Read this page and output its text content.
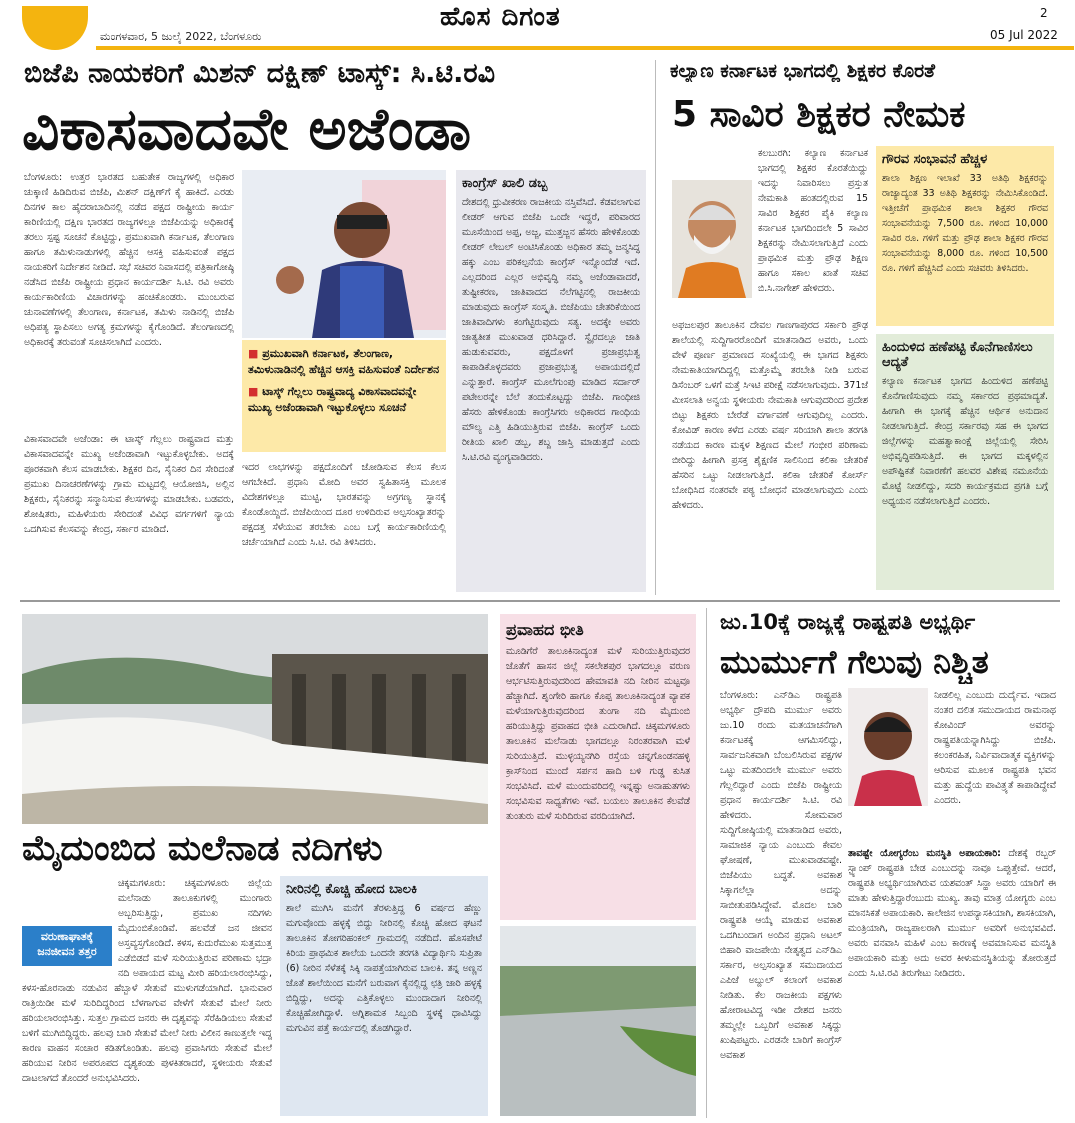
ಮಂಗಳವಾರ, 5 ಜುಲೈ 2022, ಬೆಂಗಳೂರು
ಹೊಸ ದಿಗಂತ	2
05 Jul 2022
ಬಿಜೆಪಿ ನಾಯಕರಿಗೆ ಮಿಶನ್ ದಕ್ಷಿಣ್ ಟಾಸ್ಕ್: ಸಿ.ಟಿ.ರವಿ
ವಿಕಾಸವಾದವೇ ಅಜೆಂಡಾ
ಬೆಂಗಳೂರು: ಉತ್ತರ ಭಾರತದ ಬಹುತೇಕ ರಾಜ್ಯಗಳಲ್ಲಿ ಅಧಿಕಾರ ಚುಕ್ಕಾಣಿ ಹಿಡಿದಿರುವ ಬಿಜೆಪಿ, ಮಿಶನ್ ದಕ್ಷಿಣ್‌ಗೆ ಕೈ ಹಾಕಿದೆ. ಎರಡು ದಿನಗಳ ಕಾಲ ಹೈದರಾಬಾದಿನಲ್ಲಿ ನಡೆದ ಪಕ್ಷದ ರಾಷ್ಟ್ರೀಯ ಕಾರ್ಯ ಕಾರಿಣಿಯಲ್ಲಿ ದಕ್ಷಿಣ ಭಾರತದ ರಾಜ್ಯಗಳಲ್ಲೂ ಬಿಜೆಪಿಯನ್ನು ಅಧಿಕಾರಕ್ಕೆ ತರಲು ಸ್ಪಷ್ಟ ಸೂಚನೆ ಕೊಟ್ಟಿದ್ದು, ಪ್ರಮುಖವಾಗಿ ಕರ್ನಾಟಕ, ತೆಲಂಗಾಣ ಹಾಗೂ ತಮಿಳುನಾಡುಗಳಲ್ಲಿ ಹೆಚ್ಚಿನ ಆಸಕ್ತಿ ವಹಿಸುವಂತೆ ಪಕ್ಷದ ನಾಯಕರಿಗೆ ನಿರ್ದೇಶನ ನೀಡಿದೆ. ಸಭೆ ಸಚಿವರ ನಿವಾಸದಲ್ಲಿ ಪತ್ರಿಕಾಗೋಷ್ಠಿ ನಡೆಸಿದ ಬಿಜೆಪಿ ರಾಷ್ಟ್ರೀಯ ಪ್ರಧಾನ ಕಾರ್ಯದರ್ಶಿ ಸಿ.ಟಿ. ರವಿ ಅವರು ಕಾರ್ಯಕಾರಿಣಿಯ ವಿಚಾರಗಳನ್ನು ಹಂಚಿಕೊಂಡರು. ಮುಂಬರುವ ಚುನಾವಣೆಗಳಲ್ಲಿ ತೆಲಂಗಾಣ, ಕರ್ನಾಟಕ, ತಮಿಳು ನಾಡಿನಲ್ಲಿ ಬಿಜೆಪಿ ಅಧಿಪತ್ಯ ಸ್ಥಾಪಿಸಲು ಅಗತ್ಯ ಕ್ರಮಗಳನ್ನು ಕೈಗೊಂಡಿದೆ. ತೆಲಂಗಾಣದಲ್ಲಿ ಅಧಿಕಾರಕ್ಕೆ ತರುವಂತೆ ಸೂಚಿಸಲಾಗಿದೆ ಎಂದರು.
ವಿಕಾಸವಾದವೇ ಅಜೆಂಡಾ: ಈ ಟಾಸ್ಕ್ ಗೆಲ್ಲಲು ರಾಷ್ಟ್ರವಾದ ಮತ್ತು ವಿಕಾಸವಾದವನ್ನೇ ಮುಖ್ಯ ಅಜೆಂಡಾವಾಗಿ ಇಟ್ಟುಕೊಳ್ಳಬೇಕು. ಅದಕ್ಕೆ ಪೂರಕವಾಗಿ ಕೆಲಸ ಮಾಡಬೇಕು. ಶಿಕ್ಷಕರ ದಿನ, ಸೈನಿಕರ ದಿನ ಸೇರಿದಂತೆ ಪ್ರಮುಖ ದಿನಾಚರಣೆಗಳನ್ನು ಗ್ರಾಮ ಮಟ್ಟದಲ್ಲಿ ಆಯೋಜಿಸಿ, ಅಲ್ಲಿನ ಶಿಕ್ಷಕರು, ಸೈನಿಕರನ್ನು ಸನ್ಮಾನಿಸುವ ಕೆಲಸಗಳನ್ನು ಮಾಡಬೇಕು. ಬಡವರು, ಶೋಷಿತರು, ಮಹಿಳೆಯರು ಸೇರಿದಂತೆ ವಿವಿಧ ವರ್ಗಗಳಿಗೆ ನ್ಯಾಯ ಒದಗಿಸುವ ಕೆಲಸವನ್ನು ಕೇಂದ್ರ, ಸರ್ಕಾರ ಮಾಡಿದೆ.
■ ಪ್ರಮುಖವಾಗಿ ಕರ್ನಾಟಕ, ತೆಲಂಗಾಣ, ತಮಿಳುನಾಡಿನಲ್ಲಿ ಹೆಚ್ಚಿನ ಆಸಕ್ತಿ ವಹಿಸುವಂತೆ ನಿರ್ದೇಶನ
■ ಟಾಸ್ಕ್ ಗೆಲ್ಲಲು ರಾಷ್ಟ್ರವಾದ್ಯ ವಿಕಾಸವಾದವನ್ನೇ ಮುಖ್ಯ ಅಜೆಂಡಾವಾಗಿ ಇಟ್ಟುಕೊಳ್ಳಲು ಸೂಚನೆ
ಇದರ ಲಾಭಗಳನ್ನು ಪಕ್ಷದೊಂದಿಗೆ ಜೋಡಿಸುವ ಕೆಲಸ ಕೆಲಸ ಆಗಬೇಕಿದೆ. ಪ್ರಧಾನಿ ಮೋದಿ ಅವರ ಸ್ವಹಿತಾಸಕ್ತಿ ಮೂಲಕ ವಿದೇಶಗಳಲ್ಲೂ ಮುಟ್ಟಿ, ಭಾರತವನ್ನು ಅಗ್ರಗಣ್ಯ ಸ್ಥಾನಕ್ಕೆ ಕೊಂಡೊಯ್ದಿದೆ. ಬಿಜೆಪಿಯಿಂದ ದೂರ ಉಳಿದಿರುವ ಅಲ್ಪಸಂಖ್ಯಾತರನ್ನು ಪಕ್ಷದತ್ತ ಸೆಳೆಯುವ ತರಬೇಕು ಎಂಬ ಬಗ್ಗೆ ಕಾರ್ಯಕಾರಿಣಿಯಲ್ಲಿ ಚರ್ಚೆಯಾಗಿದೆ ಎಂದು ಸಿ.ಟಿ. ರವಿ ತಿಳಿಸಿದರು.
ಕಾಂಗ್ರೆಸ್ ಖಾಲಿ ಡಬ್ಬ
ದೇಶದಲ್ಲಿ ಧ್ರುವೀಕರಣ ರಾಜಕೀಯ ನಸ್ತಿವೆಸಿದೆ. ಕೆಡವಲಾಗುವ ಲೀಡರ್ ಆಗುವ ಬಿಜೆಪಿ ಒಂದೇ ಇದ್ದರೆ, ಪರಿವಾರದ ಮೂಸೆಯಿಂದ ಅಪ್ಪ, ಅಜ್ಜ, ಮುತ್ತಜ್ಜನ ಹೆಸರು ಹೇಳಿಕೊಂಡು ಲೀಡರ್ ಲೇಬಲ್ ಅಂಟಿಸಿಕೊಂಡು ಅಧಿಕಾರ ತಮ್ಮ ಜನ್ಮಸಿದ್ಧ ಹಕ್ಕು ಎಂಬ ಪರಿಕಲ್ಪನೆಯ ಕಾಂಗ್ರೆಸ್ ಇನ್ನೊಂದೆಡೆ ಇದೆ. ಎಲ್ಲದರಿಂದ ಎಲ್ಲರ ಅಭಿವೃದ್ಧಿ ನಮ್ಮ ಅಜೆಂಡಾವಾದರೆ, ತುಷ್ಟೀಕರಣ, ಜಾತಿವಾದದ ನೆಲೆಗಟ್ಟಿನಲ್ಲಿ ರಾಜಕೀಯ ಮಾಡುವುದು ಕಾಂಗ್ರೆಸ್ ಸಂಸ್ಕೃತಿ. ಬಿಜೆಪಿಯು ಚೇತರಿಕೆಯಿಂದ ಜಾತಿವಾದಿಗಳು ಕಂಗೆಟ್ಟಿರುವುದು ಸತ್ಯ. ಅದಕ್ಕೇ ಅವರು ಜಾತ್ಯತೀತ ಮುಖವಾಡ ಧರಿಸಿದ್ದಾರೆ. ಸ್ವೈರದಲ್ಲೂ ಜಾತಿ ಹುಡುಕುವವರು, ಪಕ್ಷದೊಳಗೆ ಪ್ರಜಾಪ್ರಭುತ್ವ ಕಾಪಾಡಿಕೊಳ್ಳದವರು ಪ್ರಜಾಪ್ರಭುತ್ವ ಅಪಾಯದಲ್ಲಿದೆ ಎನ್ನುತ್ತಾರೆ. ಕಾಂಗ್ರೆಸ್ ಮೂಲೆಗುಂಪು ಮಾಡಿದ ಸರ್ದಾರ್ ಪಟೇಲರನ್ನೇ ಬೆಲೆ ತಂದುಕೊಟ್ಟದ್ದು ಬಿಜೆಪಿ. ಗಾಂಧೀಜಿ ಹೆಸರು ಹೇಳಿಕೊಂಡು ಕಾಂಗ್ರೆಸಿಗರು ಅಧಿಕಾರದ ಗಾಂಧಿಯ ಮೌಲ್ಯ ಎತ್ತಿ ಹಿಡಿಯುತ್ತಿರುವ ಬಿಜೆಪಿ. ಕಾಂಗ್ರೆಸ್ ಒಂದು ರೀತಿಯ ಖಾಲಿ ಡಬ್ಬ, ಶಬ್ದ ಜಾಸ್ತಿ ಮಾಡುತ್ತದೆ ಎಂದು ಸಿ.ಟಿ.ರವಿ ವ್ಯಂಗ್ಯವಾಡಿದರು.
ಕಲ್ಯಾಣ ಕರ್ನಾಟಕ ಭಾಗದಲ್ಲಿ ಶಿಕ್ಷಕರ ಕೊರತೆ
5 ಸಾವಿರ ಶಿಕ್ಷಕರ ನೇಮಕ
ಕಲಬುರಗಿ: ಕಲ್ಯಾಣ ಕರ್ನಾಟಕ ಭಾಗದಲ್ಲಿ ಶಿಕ್ಷಕರ ಕೊರತೆಯಿದ್ದು ಇದನ್ನು ನಿವಾರಿಸಲು ಪ್ರಸ್ತುತ ನೇಮಕಾತಿ ಹಂತದಲ್ಲಿರುವ 15 ಸಾವಿರ ಶಿಕ್ಷಕರ ಪೈಕಿ ಕಲ್ಯಾಣ ಕರ್ನಾಟಕ ಭಾಗದಿಂದಲೇ 5 ಸಾವಿರ ಶಿಕ್ಷಕರನ್ನು ನೇಮಿಸಲಾಗುತ್ತಿದೆ ಎಂದು ಪ್ರಾಥಮಿಕ ಮತ್ತು ಪ್ರೌಢ ಶಿಕ್ಷಣ ಹಾಗೂ ಸಕಾಲ ಖಾತೆ ಸಚಿವ ಬಿ.ಸಿ.ನಾಗೇಶ್ ಹೇಳಿದರು.
ಅಫಜಲಪುರ ತಾಲೂಕಿನ ದೇವಲ ಗಾಣಗಾಪುರದ ಸರ್ಕಾರಿ ಪ್ರೌಢ ಶಾಲೆಯಲ್ಲಿ ಸುದ್ದಿಗಾರರೊಂದಿಗೆ ಮಾತನಾಡಿದ ಅವರು, ಒಂದು ವೇಳೆ ಪೂರ್ಣ ಪ್ರಮಾಣದ ಸಂಖ್ಯೆಯಲ್ಲಿ ಈ ಭಾಗದ ಶಿಕ್ಷಕರು ನೇಮಕಾತಿಯಾಗದಿದ್ದಲ್ಲಿ ಮತ್ತೊಮ್ಮೆ ತರಬೇತಿ ನೀಡಿ ಬರುವ ಡಿಸೆಂಬರ್ ಒಳಗೆ ಮತ್ತೆ ಸಿಇಟಿ ಪರೀಕ್ಷೆ ನಡೆಸಲಾಗುವುದು. 371ಜೆ ಮೀಸಲಾತಿ ಅನ್ವಯ ಸ್ಥಳೀಯರು ನೇಮಕಾತಿ ಆಗುವುದರಿಂದ ಪ್ರದೇಶ ಬಿಟ್ಟು ಶಿಕ್ಷಕರು ಬೇರೆಡೆ ವರ್ಗಾವಣೆ ಆಗುವುದಿಲ್ಲ ಎಂದರು. ಕೋವಿಡ್ ಕಾರಣ ಕಳೆದ ಎರಡು ವರ್ಷ ಸರಿಯಾಗಿ ಶಾಲಾ ತರಗತಿ ನಡೆಯದ ಕಾರಣ ಮಕ್ಕಳ ಶಿಕ್ಷಣದ ಮೇಲೆ ಗಂಭೀರ ಪರಿಣಾಮ ಬೀರಿದ್ದು ಹೀಗಾಗಿ ಪ್ರಸಕ್ತ ಶೈಕ್ಷಣಿಕ ಸಾಲಿನಿಂದ ಕಲಿಕಾ ಚೇತರಿಕೆ ಹೆಸರಿನ ಒಟ್ಟು ನೀಡಲಾಗುತ್ತಿದೆ. ಕಲಿಕಾ ಚೇತರಿಕೆ ಕೋರ್ಸ್ ಬೋಧಿಸಿದ ನಂತರವೇ ಪಠ್ಯ ಬೋಧನೆ ಮಾಡಲಾಗುವುದು ಎಂದು ಹೇಳಿದರು.
ಗೌರವ ಸಂಭಾವನೆ ಹೆಚ್ಚಳ
ಶಾಲಾ ಶಿಕ್ಷಣ ಇಲಾಖೆ 33 ಅತಿಥಿ ಶಿಕ್ಷಕರನ್ನು ರಾಜ್ಯಾದ್ಯಂತ 33 ಅತಿಥಿ ಶಿಕ್ಷಕರನ್ನು ನೇಮಿಸಿಕೊಂಡಿದೆ. ಇತ್ತೀಚೆಗೆ ಪ್ರಾಥಮಿಕ ಶಾಲಾ ಶಿಕ್ಷಕರ ಗೌರವ ಸಂಭಾವನೆಯನ್ನು 7,500 ರೂ. ಗಳಿಂದ 10,000 ಸಾವಿರ ರೂ. ಗಳಿಗೆ ಮತ್ತು ಪ್ರೌಢ ಶಾಲಾ ಶಿಕ್ಷಕರ ಗೌರವ ಸಂಭಾವನೆಯನ್ನು 8,000 ರೂ. ಗಳಿಂದ 10,500 ರೂ. ಗಳಿಗೆ ಹೆಚ್ಚಿಸಿದೆ ಎಂದು ಸಚಿವರು ತಿಳಿಸಿದರು.
ಹಿಂದುಳಿದ ಹಣೆಪಟ್ಟಿ ಕೊನೆಗಾಣಿಸಲು ಆದ್ಯತೆ
ಕಲ್ಯಾಣ ಕರ್ನಾಟಕ ಭಾಗದ ಹಿಂದುಳಿದ ಹಣೆಪಟ್ಟಿ ಕೊನೆಗಾಣಿಸುವುದು ನಮ್ಮ ಸರ್ಕಾರದ ಪ್ರಥಮಾದ್ಯತೆ. ಹೀಗಾಗಿ ಈ ಭಾಗಕ್ಕೆ ಹೆಚ್ಚಿನ ಆರ್ಥಿಕ ಅನುದಾನ ನೀಡಲಾಗುತ್ತಿದೆ. ಕೇಂದ್ರ ಸರ್ಕಾರವು ಸಹ ಈ ಭಾಗದ ಜಿಲ್ಲೆಗಳನ್ನು ಮಹತ್ವಾಕಾಂಕ್ಷೆ ಜಿಲ್ಲೆಯಲ್ಲಿ ಸೇರಿಸಿ ಅಭಿವೃದ್ಧಿಪಡಿಸುತ್ತಿದೆ. ಈ ಭಾಗದ ಮಕ್ಕಳಲ್ಲಿನ ಅಪೌಷ್ಟಿಕತೆ ನಿವಾರಣೆಗೆ ಹಲವರ ವಿಶೇಷ ನಮೂನೆಯ ಮೊಟ್ಟೆ ನೀಡಲಿದ್ದು, ಸದರಿ ಕಾರ್ಯಕ್ರಮದ ಪ್ರಗತಿ ಬಗ್ಗೆ ಅಧ್ಯಯನ ನಡೆಸಲಾಗುತ್ತಿದೆ ಎಂದರು.
ಮೈದುಂಬಿದ ಮಲೆನಾಡ ನದಿಗಳು
ವರುಣಾಘಾತಕ್ಕೆ ಜನಜೀವನ ತತ್ತರ
ಚಿಕ್ಕಮಗಳೂರು: ಚಿಕ್ಕಮಗಳೂರು ಜಿಲ್ಲೆಯ ಮಲೆನಾಡು ತಾಲೂಕುಗಳಲ್ಲಿ ಮುಂಗಾರು ಅಬ್ಬರಿಸುತ್ತಿದ್ದು, ಪ್ರಮುಖ ನದಿಗಳು ಮೈದುಂಬಿಕೊಂಡಿವೆ. ಹಲವೆಡೆ ಜನ ಜೀವನ ಅಸ್ತವ್ಯಸ್ತಗೊಂಡಿದೆ. ಕಳಸ, ಕುದುರೆಮುಖ ಸುತ್ತಮುತ್ತ ಎಡೆಬಿಡದೆ ಮಳೆ ಸುರಿಯುತ್ತಿರುವ ಪರಿಣಾಮ ಭದ್ರಾ ನದಿ ಅಪಾಯದ ಮಟ್ಟ ಮೀರಿ ಹರಿಯಲಾರಂಭಿಸಿದ್ದು, ಕಳಸ-ಹೊರನಾಡು ನಡುವಿನ ಹೆಬ್ಬಾಳೆ ಸೇತುವೆ ಮುಳುಗಡೆಯಾಗಿದೆ. ಭಾನುವಾರ ರಾತ್ರಿಯಿಡೀ ಮಳೆ ಸುರಿದಿದ್ದರಿಂದ ಬೆಳಗಾಗುವ ವೇಳೆಗೆ ಸೇತುವೆ ಮೇಲೆ ನೀರು ಹರಿಯಲಾರಂಭಿಸಿತ್ತು. ಸುತ್ತಲ ಗ್ರಾಮದ ಜನರು ಈ ದೃಶ್ಯವನ್ನು ಸೆರೆಹಿಡಿಯಲು ಸೇತುವೆ ಬಳಿಗೆ ಮುಗಿಬಿದ್ದಿದ್ದರು. ಹಲವು ಬಾರಿ ಸೇತುವೆ ಮೇಲೆ ನೀರು ವಿಲೀನ ಕಾಣುತ್ತಲೇ ಇದ್ದ ಕಾರಣ ವಾಹನ ಸಂಚಾರ ಕಡಿತಗೊಂಡಿತು. ಹಲವು ಪ್ರವಾಸಿಗರು ಸೇತುವೆ ಮೇಲೆ ಹರಿಯುವ ನೀರಿನ ಅಪರೂಪದ ದೃಶ್ಯಕಂಡು ಪುಳಕಿತರಾದರೆ, ಸ್ಥಳೀಯರು ಸೇತುವೆ ದಾಟಲಾಗದೆ ತೊಂದರೆ ಅನುಭವಿಸಿದರು.
ನೀರಿನಲ್ಲಿ ಕೊಚ್ಚಿ ಹೋದ ಬಾಲಕಿ
ಶಾಲೆ ಮುಗಿಸಿ ಮನೆಗೆ ತೆರಳುತ್ತಿದ್ದ 6 ವರ್ಷದ ಹೆಣ್ಣು ಮಗುವೊಂದು ಹಳ್ಳಕ್ಕೆ ಬಿದ್ದು ನೀರಿನಲ್ಲಿ ಕೊಚ್ಚಿ ಹೋದ ಘಟನೆ ತಾಲೂಕಿನ ತೋಗರಿಹಂಕಲ್ ಗ್ರಾಮದಲ್ಲಿ ನಡೆದಿದೆ. ಹೊಸಪೇಟೆ ಕಿರಿಯ ಪ್ರಾಥಮಿಕ ಶಾಲೆಯ ಒಂದನೇ ತರಗತಿ ವಿದ್ಯಾರ್ಥಿನಿ ಸುಪ್ರಿತಾ (6) ನೀರಿನ ಸೆಳೆತಕ್ಕೆ ಸಿಕ್ಕಿ ನಾಪತ್ತೆಯಾಗಿರುವ ಬಾಲಕಿ. ತನ್ನ ಅಣ್ಣನ ಜೊತೆ ಶಾಲೆಯಿಂದ ಮನೆಗೆ ಬರುವಾಗ ಕೈನಲ್ಲಿದ್ದ ಛತ್ರಿ ಜಾರಿ ಹಳ್ಳಕ್ಕೆ ಬಿದ್ದಿದ್ದು, ಅದನ್ನು ಎತ್ತಿಕೊಳ್ಳಲು ಮುಂದಾದಾಗ ನೀರಿನಲ್ಲಿ ಕೊಚ್ಚಿಹೋಗಿದ್ದಾಳೆ. ಅಗ್ನಿಶಾಮಕ ಸಿಬ್ಬಂದಿ ಸ್ಥಳಕ್ಕೆ ಧಾವಿಸಿದ್ದು ಮಗುವಿನ ಪತ್ತೆ ಕಾರ್ಯದಲ್ಲಿ ತೊಡಗಿದ್ದಾರೆ.
ಪ್ರವಾಹದ ಭೀತಿ
ಮೂಡಿಗೆರೆ ತಾಲೂಕಿನಾದ್ಯಂತ ಮಳೆ ಸುರಿಯುತ್ತಿರುವುದರ ಜೊತೆಗೆ ಹಾಸನ ಜಿಲ್ಲೆ ಸಕಲೇಶಪುರ ಭಾಗದಲ್ಲೂ ವರುಣ ಆರ್ಭಟಿಸುತ್ತಿರುವುದರಿಂದ ಹೇಮಾವತಿ ನದಿ ನೀರಿನ ಮಟ್ಟವೂ ಹೆಚ್ಚಾಗಿದೆ. ಶೃಂಗೇರಿ ಹಾಗೂ ಕೊಪ್ಪ ತಾಲೂಕಿನಾದ್ಯಂತ ವ್ಯಾಪಕ ಮಳೆಯಾಗುತ್ತಿರುವುದರಿಂದ ತುಂಗಾ ನದಿ ಮೈದುಂಬಿ ಹರಿಯುತ್ತಿದ್ದು ಪ್ರವಾಹದ ಭೀತಿ ಎದುರಾಗಿದೆ. ಚಿಕ್ಕಮಗಳೂರು ತಾಲೂಕಿನ ಮಲೆನಾಡು ಭಾಗದಲ್ಲೂ ನಿರಂತರವಾಗಿ ಮಳೆ ಸುರಿಯುತ್ತಿದೆ. ಮುಳ್ಳಯ್ಯನಗಿರಿ ರಸ್ತೆಯ ಚನ್ನಗೊಂಡನಹಳ್ಳಿ ಕ್ರಾಸ್‌ನಿಂದ ಮುಂದೆ ಸರ್ಪನ ಹಾದಿ ಬಳಿ ಗುಡ್ಡ ಕುಸಿತ ಸಂಭವಿಸಿದೆ. ಮಳೆ ಮುಂದುವರಿದಲ್ಲಿ ಇನ್ನಷ್ಟು ಅನಾಹುತಗಳು ಸಂಭವಿಸುವ ಸಾಧ್ಯತೆಗಳು ಇವೆ. ಬಯಲು ತಾಲೂಕಿನ ಕೆಲವೆಡೆ ತುಂತುರು ಮಳೆ ಸುರಿದಿರುವ ವರದಿಯಾಗಿದೆ.
ಜು.10ಕ್ಕೆ ರಾಜ್ಯಕ್ಕೆ ರಾಷ್ಟ್ರಪತಿ ಅಭ್ಯರ್ಥಿ
ಮುರ್ಮುಗೆ ಗೆಲುವು ನಿಶ್ಚಿತ
ಬೆಂಗಳೂರು: ಎನ್‌ಡಿಎ ರಾಷ್ಟ್ರಪತಿ ಅಭ್ಯರ್ಥಿ ದ್ರೌಪದಿ ಮುರ್ಮು ಅವರು ಜು.10 ರಂದು ಮತಯಾಚನೆಗಾಗಿ ಕರ್ನಾಟಕಕ್ಕೆ ಆಗಮಿಸಲಿದ್ದು, ಸಾರ್ವಜನಿಕವಾಗಿ ಬೆಂಬಲಿಸಿರುವ ಪಕ್ಷಗಳ ಒಟ್ಟು ಮತದಿಂದಲೇ ಮುರ್ಮು ಅವರು ಗೆಲ್ಲಲಿದ್ದಾರೆ ಎಂದು ಬಿಜೆಪಿ ರಾಷ್ಟ್ರೀಯ ಪ್ರಧಾನ ಕಾರ್ಯದರ್ಶಿ ಸಿ.ಟಿ. ರವಿ ಹೇಳಿದರು. ಸೋಮವಾರ ಸುದ್ದಿಗೋಷ್ಠಿಯಲ್ಲಿ ಮಾತನಾಡಿದ ಅವರು, ಸಾಮಾಜಿಕ ನ್ಯಾಯ ಎಂಬುದು ಕೇವಲ ಘೋಷಣೆ, ಮುಖವಾಡವಷ್ಟೇ. ಬಿಜೆಪಿಯು ಬದ್ಧತೆ. ಅವಕಾಶ ಸಿಕ್ಕಾಗಲೆಲ್ಲಾ ಅದನ್ನು ಸಾಬೀತುಪಡಿಸಿದ್ದೇವೆ. ಮೊದಲ ಬಾರಿ ರಾಷ್ಟ್ರಪತಿ ಆಯ್ಕೆ ಮಾಡುವ ಅವಕಾಶ ಒದಗಿಬಂದಾಗ ಅಂದಿನ ಪ್ರಧಾನಿ ಅಟಲ್ ಬಿಹಾರಿ ವಾಜಪೇಯಿ ನೇತೃತ್ವದ ಎನ್‌ಡಿಎ ಸರ್ಕಾರ, ಅಲ್ಪಸಂಖ್ಯಾತ ಸಮುದಾಯದ ಎಪಿಜೆ ಅಬ್ದುಲ್ ಕಲಾಂಗೆ ಅವಕಾಶ ನೀಡಿತು. ಕೆಲ ರಾಜಕೀಯ ಪಕ್ಷಗಳು ಹೋರಾಟವಿದ್ದ ಇಡೀ ದೇಶದ ಜನರು ತಮ್ಮಲ್ಲೇ ಒಬ್ಬರಿಗೆ ಅವಕಾಶ ಸಿಕ್ಕದ್ದು ಖುಷಿಪಟ್ಟರು. ಎರಡನೇ ಬಾರಿಗೆ ಕಾಂಗ್ರೆಸ್ ಅವಕಾಶ
ನೀಡಲಿಲ್ಲ ಎಂಬುದು ದುರ್ದೈವ. ಇದಾದ ನಂತರ ದಲಿತ ಸಮುದಾಯದ ರಾಮನಾಥ ಕೋವಿಂದ್ ಅವರನ್ನು ರಾಷ್ಟ್ರಪತಿಯನ್ನಾಗಿಸಿದ್ದು ಬಿಜೆಪಿ. ಕಲಂಕರಹಿತ, ನಿರ್ವಿವಾದಾತ್ಮಕ ವ್ಯಕ್ತಿಗಳನ್ನು ಆರಿಸುವ ಮೂಲಕ ರಾಷ್ಟ್ರಪತಿ ಭವನ ಮತ್ತು ಹುದ್ದೆಯ ಪಾವಿತ್ರ್ಯತೆ ಕಾಪಾಡಿದ್ದೇವೆ ಎಂದರು.
ತಾವಷ್ಟೇ ಯೋಗ್ಯರೆಂಬ ಮನಸ್ಥಿತಿ ಅಪಾಯಕಾರಿ: ದೇಶಕ್ಕೆ ರಬ್ಬರ್ ಸ್ಟ್ಯಾಂಪ್ ರಾಷ್ಟ್ರಪತಿ ಬೇಡ ಎಂಬುದನ್ನು ನಾವೂ ಒಪ್ಪುತ್ತೇವೆ. ಆದರೆ, ರಾಷ್ಟ್ರಪತಿ ಅಭ್ಯರ್ಥಿಯಾಗಿರುವ ಯಶವಂತ್ ಸಿನ್ಹಾ ಅವರು ಯಾರಿಗೆ ಈ ಮಾತು ಹೇಳುತ್ತಿದ್ದಾರೆಂಬುದು ಮುಖ್ಯ. ತಾವು ಮಾತ್ರ ಯೋಗ್ಯರು ಎಂಬ ಮಾನಸಿಕತೆ ಅಪಾಯಕಾರಿ. ಕಾಲೇಜಿನ ಉಪನ್ಯಾಸಕಿಯಾಗಿ, ಶಾಸಕಿಯಾಗಿ, ಮಂತ್ರಿಯಾಗಿ, ರಾಜ್ಯಪಾಲರಾಗಿ ಮುರ್ಮು ಅವರಿಗೆ ಅನುಭವವಿದೆ. ಅವರು ವನವಾಸಿ ಮಹಿಳೆ ಎಂಬ ಕಾರಣಕ್ಕೆ ಅವಮಾನಿಸುವ ಮನಸ್ಥಿತಿ ಅಪಾಯಕಾರಿ ಮತ್ತು ಅದು ಅವರ ಕೀಳುಮನಸ್ಥಿತಿಯನ್ನು ತೋರುತ್ತದೆ ಎಂದು ಸಿ.ಟಿ.ರವಿ ತಿರುಗೇಟು ನೀಡಿದರು.
